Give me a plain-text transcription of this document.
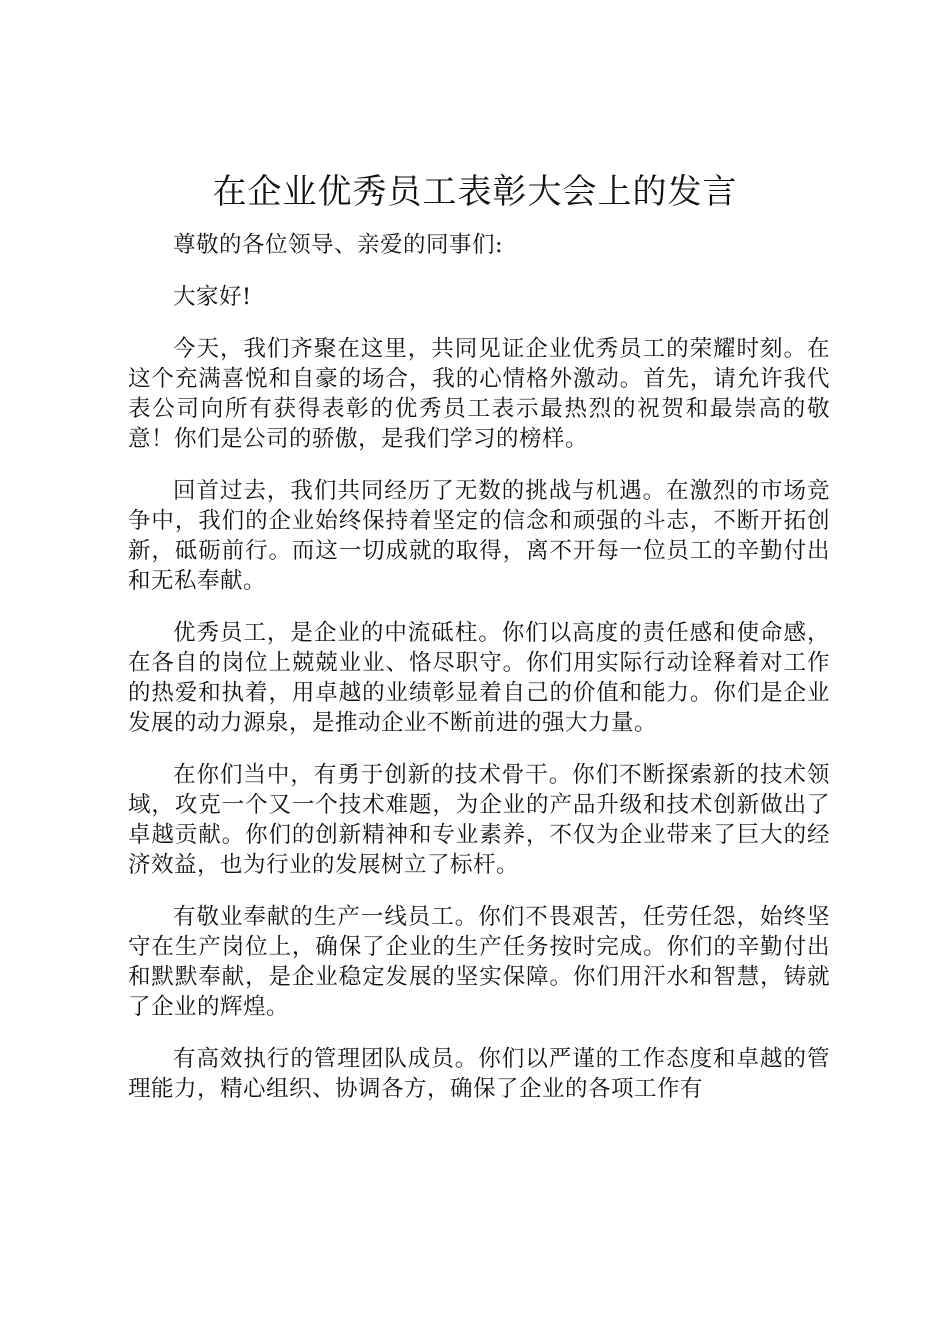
在企业优秀员工表彰大会上的发言

尊敬的各位领导、亲爱的同事们:

大家好!

今天，我们齐聚在这里，共同见证企业优秀员工的荣耀时刻。在这个充满喜悦和自豪的场合，我的心情格外激动。首先，请允许我代表公司向所有获得表彰的优秀员工表示最热烈的祝贺和最崇高的敬意！你们是公司的骄傲，是我们学习的榜样。

回首过去，我们共同经历了无数的挑战与机遇。在激烈的市场竞争中，我们的企业始终保持着坚定的信念和顽强的斗志，不断开拓创新，砥砺前行。而这一切成就的取得，离不开每一位员工的辛勤付出和无私奉献。

优秀员工，是企业的中流砥柱。你们以高度的责任感和使命感，在各自的岗位上兢兢业业、恪尽职守。你们用实际行动诠释着对工作的热爱和执着，用卓越的业绩彰显着自己的价值和能力。你们是企业发展的动力源泉，是推动企业不断前进的强大力量。

在你们当中，有勇于创新的技术骨干。你们不断探索新的技术领域，攻克一个又一个技术难题，为企业的产品升级和技术创新做出了卓越贡献。你们的创新精神和专业素养，不仅为企业带来了巨大的经济效益，也为行业的发展树立了标杆。

有敬业奉献的生产一线员工。你们不畏艰苦，任劳任怨，始终坚守在生产岗位上，确保了企业的生产任务按时完成。你们的辛勤付出和默默奉献，是企业稳定发展的坚实保障。你们用汗水和智慧，铸就了企业的辉煌。

有高效执行的管理团队成员。你们以严谨的工作态度和卓越的管理能力，精心组织、协调各方，确保了企业的各项工作有
